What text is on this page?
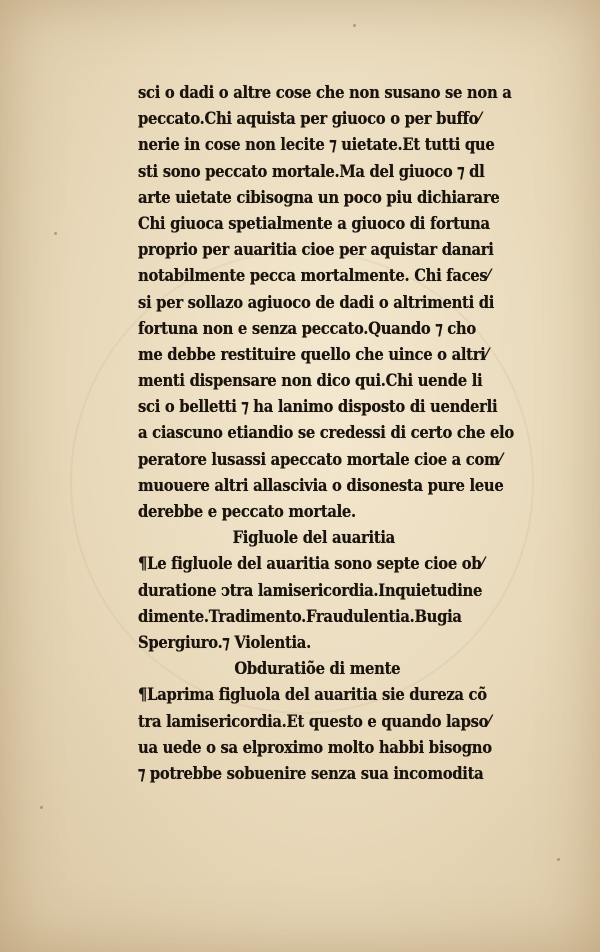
sci o dadi o altre cose che non susano se non a
peccato.Chi aquista per giuoco o per buffo⁄
nerie in cose non lecite ⁊ uietate.Et tutti que
sti sono peccato mortale.Ma del giuoco ⁊ dl
arte uietate cibisogna un poco piu dichiarare
Chi giuoca spetialmente a giuoco di fortuna
proprio per auaritia cioe per aquistar danari
notabilmente pecca mortalmente. Chi faces⁄
si per sollazo agiuoco de dadi o altrimenti di
fortuna non e senza peccato.Quando ⁊ cho
me debbe restituire quello che uince o altri⁄
menti dispensare non dico qui.Chi uende li
sci o belletti ⁊ ha lanimo disposto di uenderli
a ciascuno etiandio se credessi di certo che elo
peratore lusassi apeccato mortale cioe a com⁄
muouere altri allascivia o disonesta pure leue
derebbe e peccato mortale.
Figluole del auaritia
¶Le figluole del auaritia sono septe cioe ob⁄
duratione ↄtra lamisericordia.Inquietudine
dimente.Tradimento.Fraudulentia.Bugia
Spergiuro.⁊ Violentia.
Obduratiõe di mente
¶Laprima figluola del auaritia sie dureza cõ
tra lamisericordia.Et questo e quando lapso⁄
ua uede o sa elproximo molto habbi bisogno
⁊ potrebbe sobuenire senza sua incomodita
